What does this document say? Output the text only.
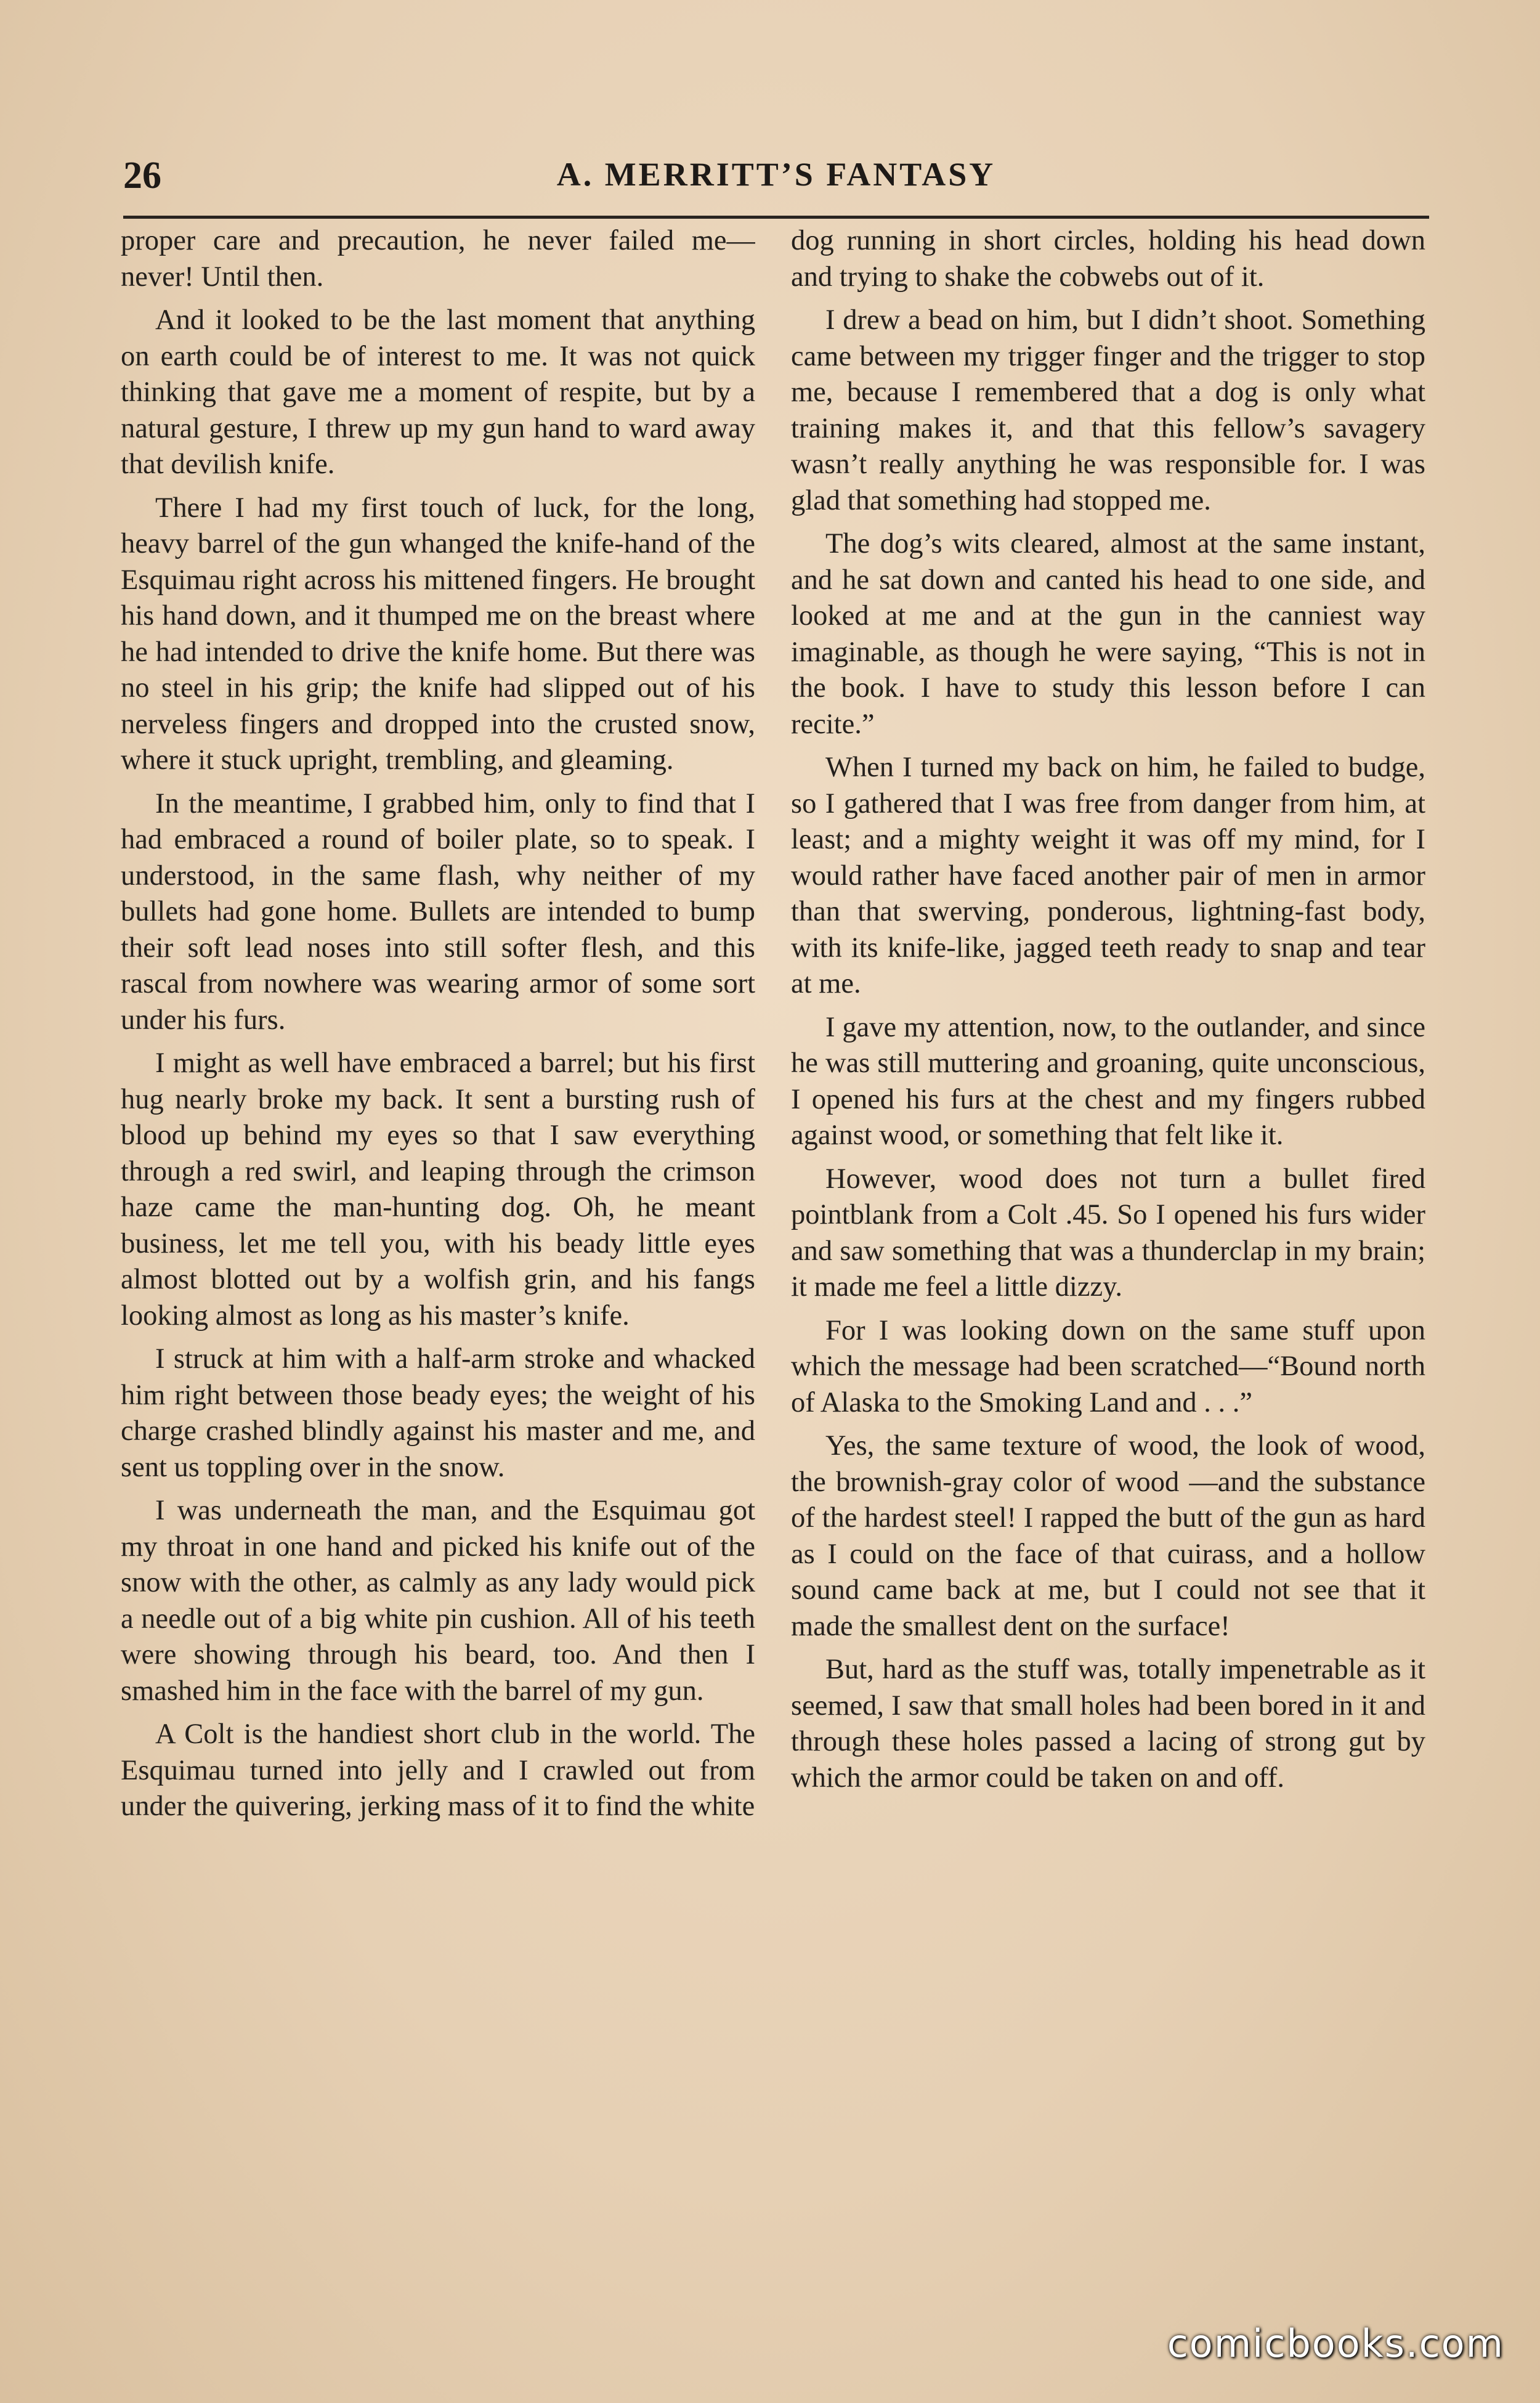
26	A. MERRITT’S FANTASY

proper care and precaution, he never failed me—never! Until then.

And it looked to be the last moment that anything on earth could be of interest to me. It was not quick thinking that gave me a moment of respite, but by a natural gesture, I threw up my gun hand to ward away that devilish knife.

There I had my first touch of luck, for the long, heavy barrel of the gun whanged the knife-hand of the Esquimau right across his mittened fingers. He brought his hand down, and it thumped me on the breast where he had intended to drive the knife home. But there was no steel in his grip; the knife had slipped out of his nerveless fingers and dropped into the crusted snow, where it stuck upright, trembling, and gleaming.

In the meantime, I grabbed him, only to find that I had embraced a round of boiler plate, so to speak. I understood, in the same flash, why neither of my bullets had gone home. Bullets are intended to bump their soft lead noses into still softer flesh, and this rascal from nowhere was wearing armor of some sort under his furs.

I might as well have embraced a barrel; but his first hug nearly broke my back. It sent a bursting rush of blood up behind my eyes so that I saw everything through a red swirl, and leaping through the crimson haze came the man-hunting dog. Oh, he meant business, let me tell you, with his beady little eyes almost blotted out by a wolfish grin, and his fangs looking almost as long as his master’s knife.

I struck at him with a half-arm stroke and whacked him right between those beady eyes; the weight of his charge crashed blindly against his master and me, and sent us toppling over in the snow.

I was underneath the man, and the Esquimau got my throat in one hand and picked his knife out of the snow with the other, as calmly as any lady would pick a needle out of a big white pin cushion. All of his teeth were showing through his beard, too. And then I smashed him in the face with the barrel of my gun.

A Colt is the handiest short club in the world. The Esquimau turned into jelly and I crawled out from under the quivering, jerking mass of it to find the white

dog running in short circles, holding his head down and trying to shake the cobwebs out of it.

I drew a bead on him, but I didn’t shoot. Something came between my trigger finger and the trigger to stop me, because I remembered that a dog is only what training makes it, and that this fellow’s savagery wasn’t really anything he was responsible for. I was glad that something had stopped me.

The dog’s wits cleared, almost at the same instant, and he sat down and canted his head to one side, and looked at me and at the gun in the canniest way imaginable, as though he were saying, “This is not in the book. I have to study this lesson before I can recite.”

When I turned my back on him, he failed to budge, so I gathered that I was free from danger from him, at least; and a mighty weight it was off my mind, for I would rather have faced another pair of men in armor than that swerving, ponderous, lightning-fast body, with its knife-like, jagged teeth ready to snap and tear at me.

I gave my attention, now, to the outlander, and since he was still muttering and groaning, quite unconscious, I opened his furs at the chest and my fingers rubbed against wood, or something that felt like it.

However, wood does not turn a bullet fired pointblank from a Colt .45. So I opened his furs wider and saw something that was a thunderclap in my brain; it made me feel a little dizzy.

For I was looking down on the same stuff upon which the message had been scratched—“Bound north of Alaska to the Smoking Land and . . .”

Yes, the same texture of wood, the look of wood, the brownish-gray color of wood —and the substance of the hardest steel! I rapped the butt of the gun as hard as I could on the face of that cuirass, and a hollow sound came back at me, but I could not see that it made the smallest dent on the surface!

But, hard as the stuff was, totally impenetrable as it seemed, I saw that small holes had been bored in it and through these holes passed a lacing of strong gut by which the armor could be taken on and off.

comicbooks.com
